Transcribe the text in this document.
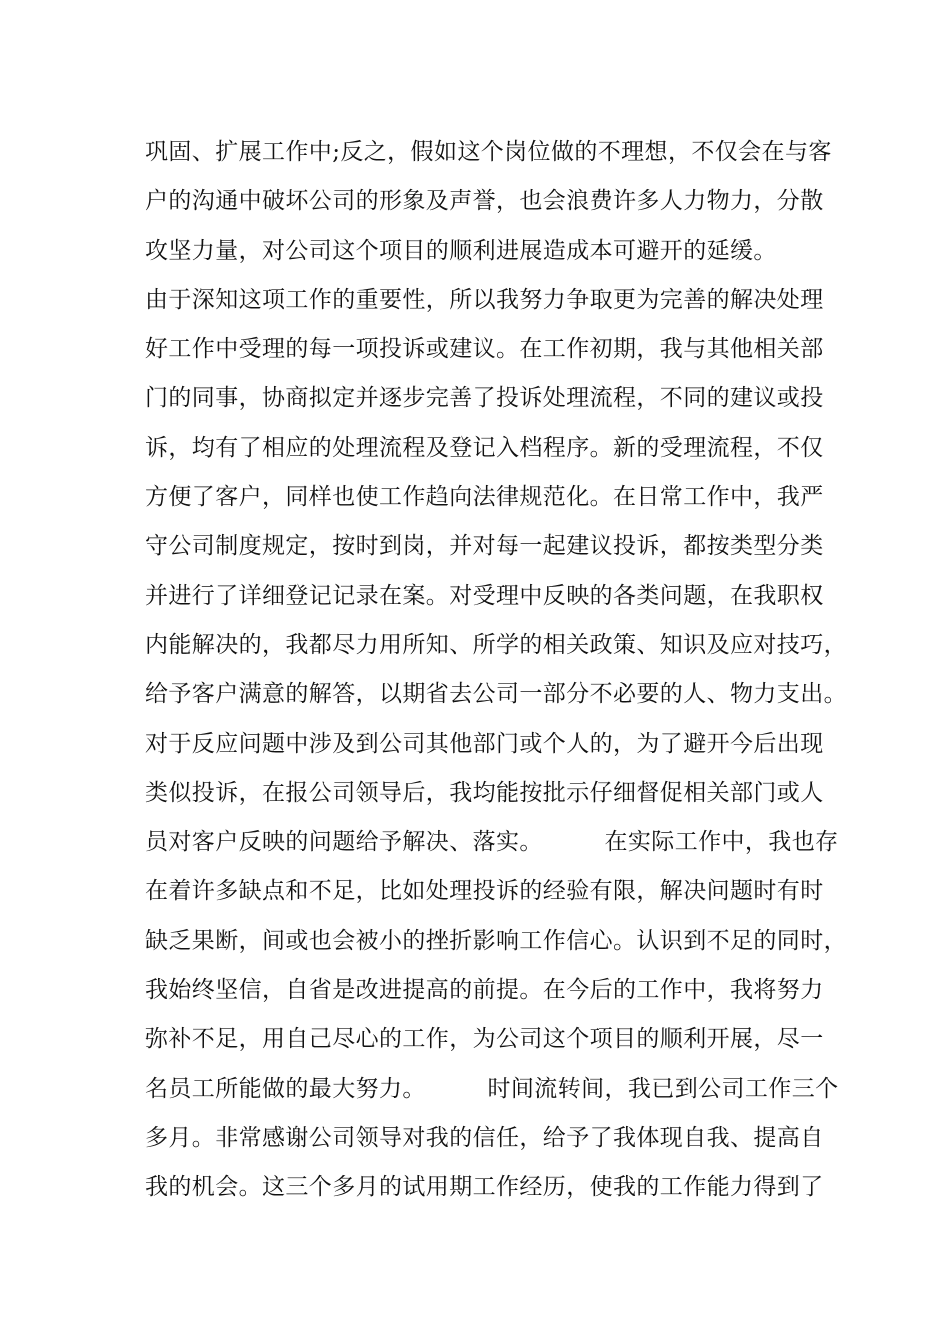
巩固、扩展工作中;反之，假如这个岗位做的不理想，不仅会在与客
户的沟通中破坏公司的形象及声誉，也会浪费许多人力物力，分散
攻坚力量，对公司这个项目的顺利进展造成本可避开的延缓。
由于深知这项工作的重要性，所以我努力争取更为完善的解决处理
好工作中受理的每一项投诉或建议。在工作初期，我与其他相关部
门的同事，协商拟定并逐步完善了投诉处理流程，不同的建议或投
诉，均有了相应的处理流程及登记入档程序。新的受理流程，不仅
方便了客户，同样也使工作趋向法律规范化。在日常工作中，我严
守公司制度规定，按时到岗，并对每一起建议投诉，都按类型分类
并进行了详细登记记录在案。对受理中反映的各类问题，在我职权
内能解决的，我都尽力用所知、所学的相关政策、知识及应对技巧，
给予客户满意的解答，以期省去公司一部分不必要的人、物力支出。
对于反应问题中涉及到公司其他部门或个人的，为了避开今后出现
类似投诉，在报公司领导后，我均能按批示仔细督促相关部门或人
员对客户反映的问题给予解决、落实。        在实际工作中，我也存
在着许多缺点和不足，比如处理投诉的经验有限，解决问题时有时
缺乏果断，间或也会被小的挫折影响工作信心。认识到不足的同时，
我始终坚信，自省是改进提高的前提。在今后的工作中，我将努力
弥补不足，用自己尽心的工作，为公司这个项目的顺利开展，尽一
名员工所能做的最大努力。        时间流转间，我已到公司工作三个
多月。非常感谢公司领导对我的信任，给予了我体现自我、提高自
我的机会。这三个多月的试用期工作经历，使我的工作能力得到了
